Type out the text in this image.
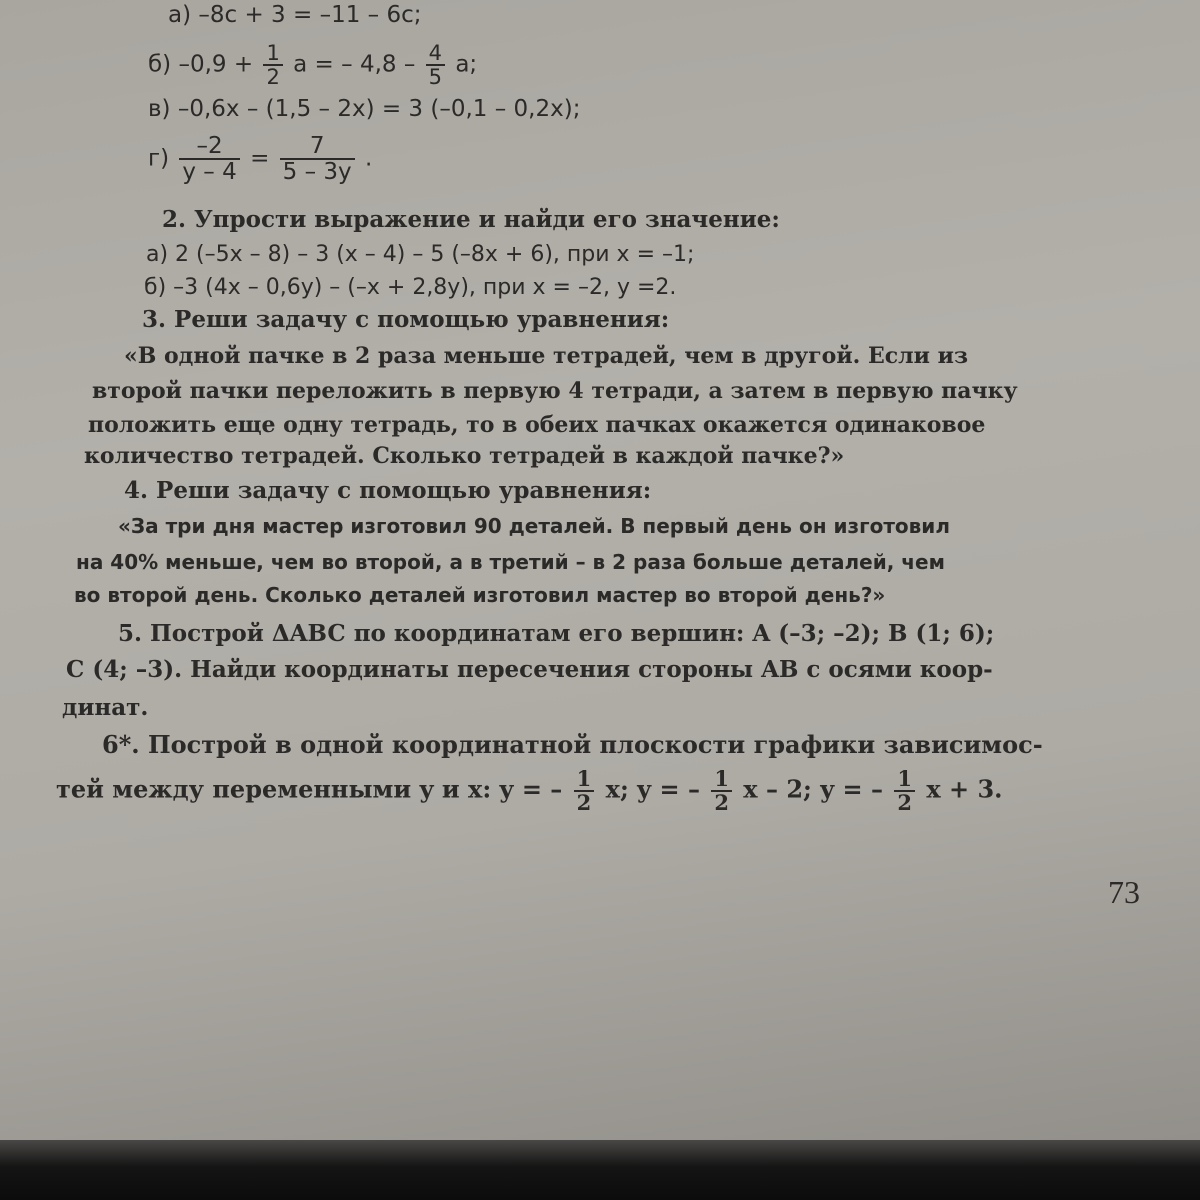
а) –8c + 3 = –11 – 6c;
б) $-0,9 + \frac{1}{2}$ a = – $4,8 - \frac{4}{5} a$;
в) –0,6x – (1,5 – 2x) = 3 (–0,1 – 0,2x);
$г) \frac{-2}{y - 4} = \frac{7}{5 - 3y}$ .
2. Упрости выражение и найди его значение:
а) 2 (–5x – 8) – 3 (x – 4) – 5 (–8x + 6), при x = –1;
б) –3 (4x – 0,6y) – (–x + 2,8y), при x = –2, y =2.
3. Реши задачу с помощью уравнения:
«В одной пачке в 2 раза меньше тетрадей, чем в другой. Если из
второй пачки переложить в первую 4 тетради, а затем в первую пачку
положить еще одну тетрадь, то в обеих пачках окажется одинаковое
количество тетрадей. Сколько тетрадей в каждой пачке?»
4. Реши задачу с помощью уравнения:
«За три дня мастер изготовил 90 деталей. В первый день он изготовил
на 40% меньше, чем во второй, а в третий – в 2 раза больше деталей, чем
во второй день. Сколько деталей изготовил мастер во второй день?»
5. Построй ΔABC по координатам его вершин: A (–3; –2); B (1; 6);
C (4; –3). Найди координаты пересечения стороны AB с осями коор-
динат.
6*. Построй в одной координатной плоскости графики зависимос-
тей между переменными y и x: y = – $\frac{1}{2} x$; y = – $\frac{1}{2}$ x – 2; y = – $\frac{1}{2}$ x + 3.
73
